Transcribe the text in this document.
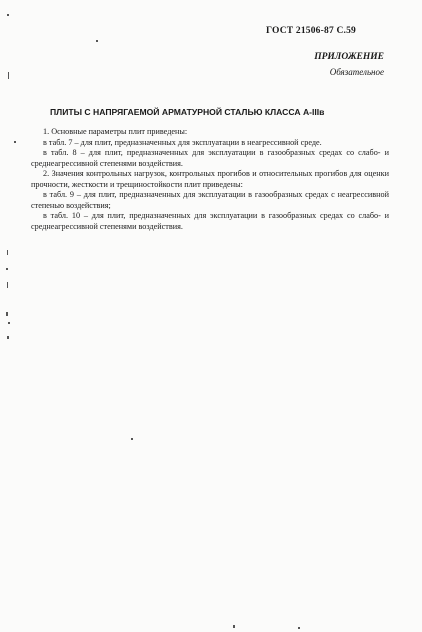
ГОСТ 21506-87 С.59
ПРИЛОЖЕНИЕ
Обязательное
ПЛИТЫ С НАПРЯГАЕМОЙ АРМАТУРНОЙ СТАЛЬЮ КЛАССА А-IIIв

1. Основные параметры плит приведены:

в табл. 7 – для плит, предназначенных для эксплуатации в неагрессивной среде.

в табл. 8 – для плит, предназначенных для эксплуатации в газообразных средах со слабо- и среднеагрессивной степенями воздействия.

2. Значения контрольных нагрузок, контрольных прогибов и относительных прогибов для оценки прочности, жесткости и трещиностойкости плит приведены:

в табл. 9 – для плит, предназначенных для эксплуатации в газообразных средах с неагрессивной степенью воздействия;

в табл. 10 – для плит, предназначенных для эксплуатации в газообразных средах со слабо- и среднеагрессивной степенями воздействия.
